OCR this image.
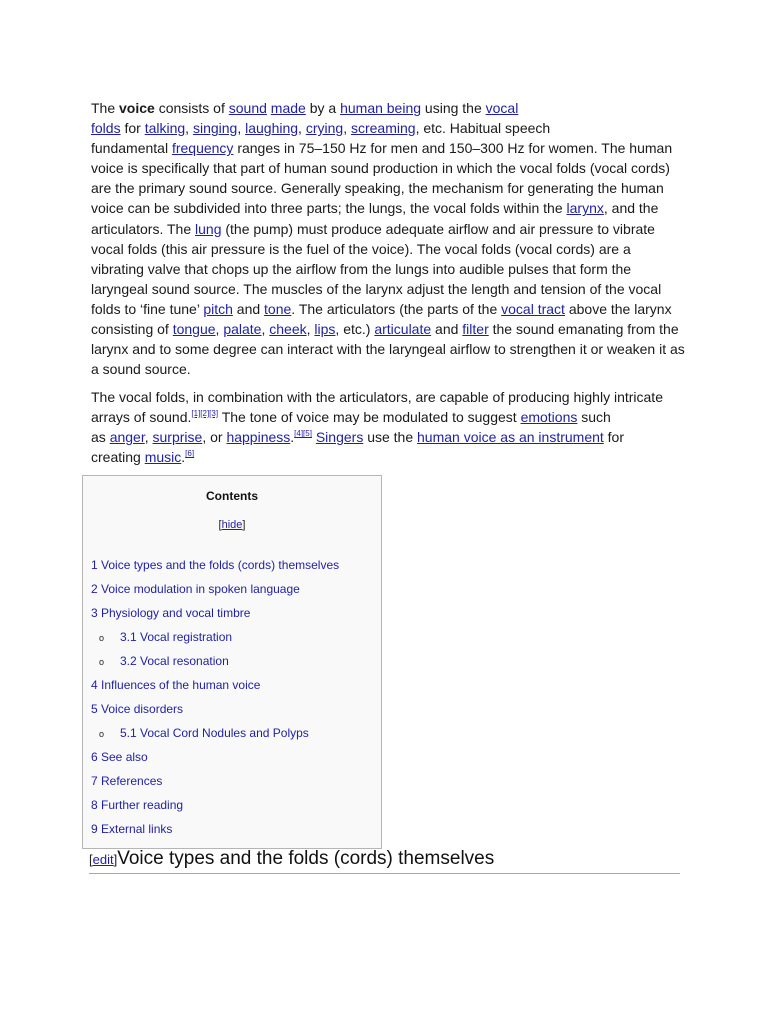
The voice consists of sound made by a human being using the vocal
folds for talking, singing, laughing, crying, screaming, etc. Habitual speech
fundamental frequency ranges in 75–150 Hz for men and 150–300 Hz for women. The human
voice is specifically that part of human sound production in which the vocal folds (vocal cords)
are the primary sound source. Generally speaking, the mechanism for generating the human
voice can be subdivided into three parts; the lungs, the vocal folds within the larynx, and the
articulators. The lung (the pump) must produce adequate airflow and air pressure to vibrate
vocal folds (this air pressure is the fuel of the voice). The vocal folds (vocal cords) are a
vibrating valve that chops up the airflow from the lungs into audible pulses that form the
laryngeal sound source. The muscles of the larynx adjust the length and tension of the vocal
folds to ‘fine tune’ pitch and tone. The articulators (the parts of the vocal tract above the larynx
consisting of tongue, palate, cheek, lips, etc.) articulate and filter the sound emanating from the
larynx and to some degree can interact with the laryngeal airflow to strengthen it or weaken it as
a sound source.
The vocal folds, in combination with the articulators, are capable of producing highly intricate
arrays of sound.[1][2][3] The tone of voice may be modulated to suggest emotions such
as anger, surprise, or happiness.[4][5] Singers use the human voice as an instrument for
creating music.[6]
Contents
[hide]
1 Voice types and the folds (cords) themselves
2 Voice modulation in spoken language
3 Physiology and vocal timbre
o 3.1 Vocal registration
o 3.2 Vocal resonation
4 Influences of the human voice
5 Voice disorders
o 5.1 Vocal Cord Nodules and Polyps
6 See also
7 References
8 Further reading
9 External links
[edit]Voice types and the folds (cords) themselves
